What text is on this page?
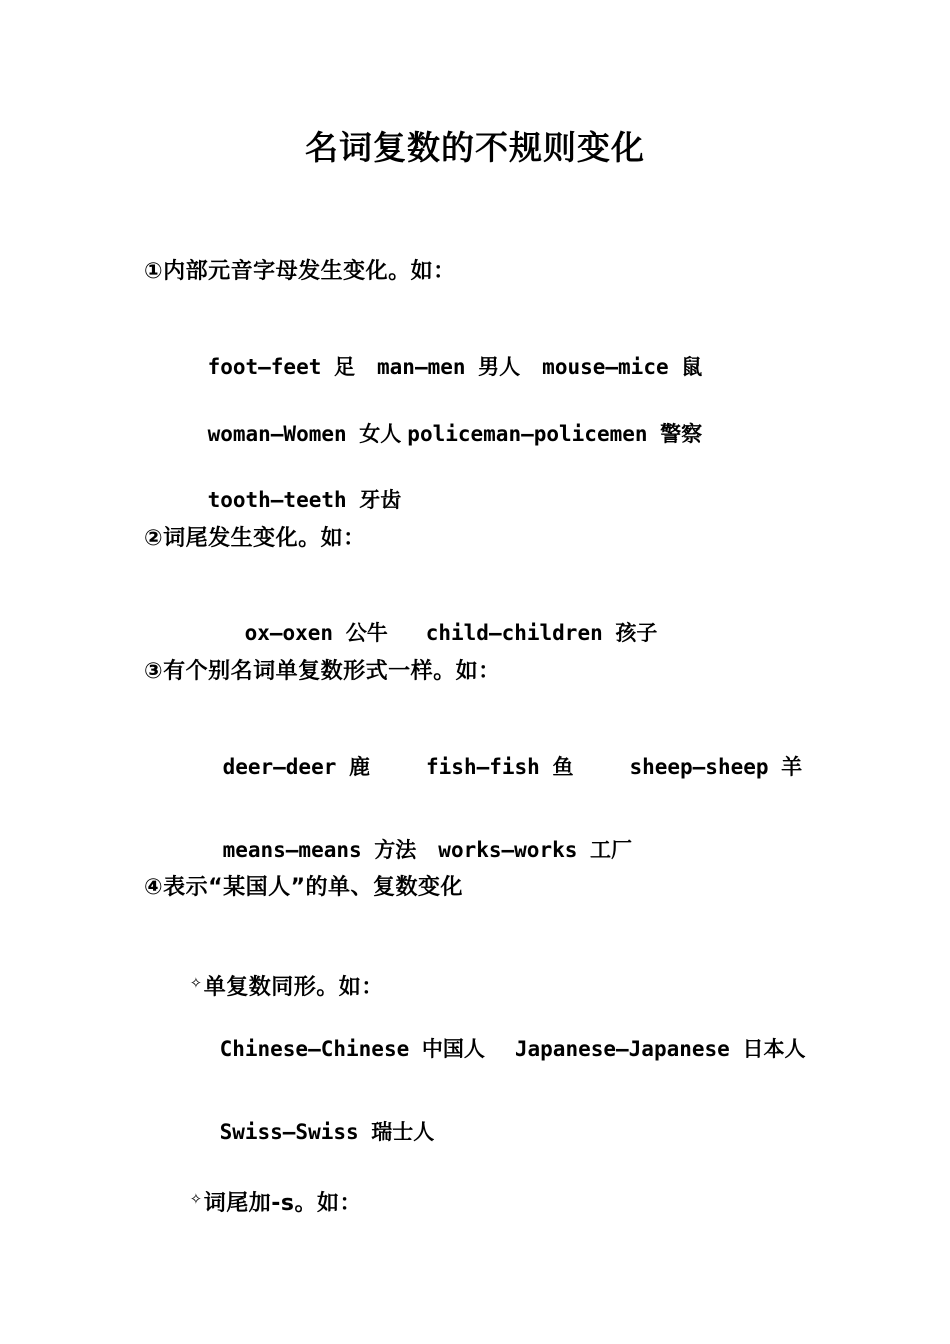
名词复数的不规则变化
①内部元音字母发生变化。如：

foot—feet 足 man—men 男人 mouse—mice 鼠

woman—Women 女人 policeman—policemen 警察

tooth—teeth 牙齿

②词尾发生变化。如：

ox—oxen 公牛 child—children 孩子

③有个别名词单复数形式一样。如：

deer—deer 鹿	fish—fish 鱼	sheep—sheep 羊

means—means 方法 works—works 工厂

④表示“某国人”的单、复数变化

✧单复数同形。如：

Chinese—Chinese 中国人 Japanese—Japanese 日本人

Swiss—Swiss 瑞士人

✧词尾加-s。如：
